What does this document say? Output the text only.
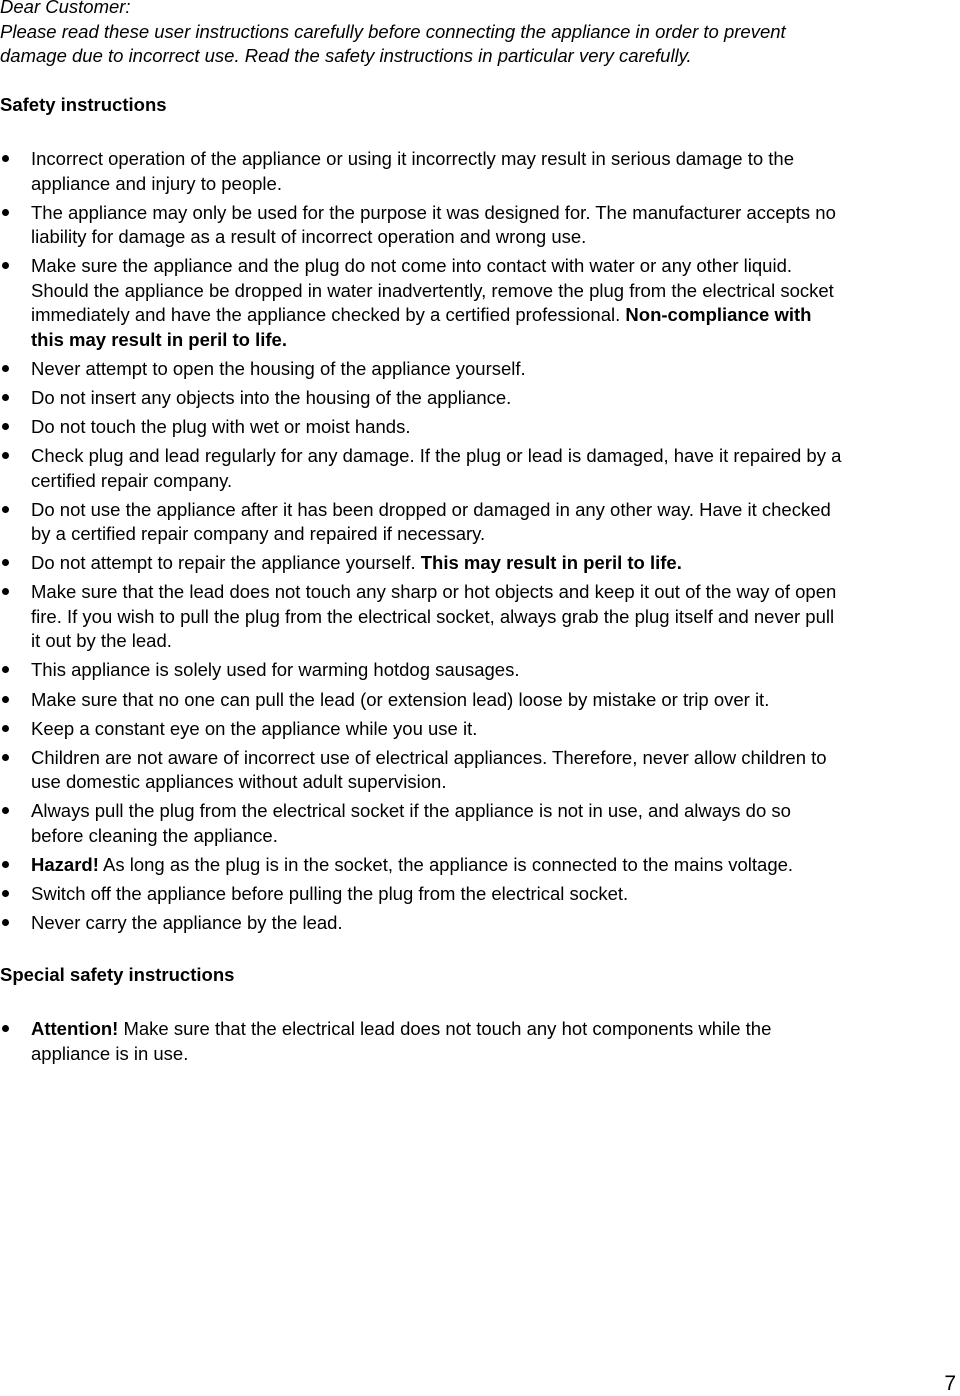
Dear Customer:
Please read these user instructions carefully before connecting the appliance in order to prevent
damage due to incorrect use. Read the safety instructions in particular very carefully.
Safety instructions
Incorrect operation of the appliance or using it incorrectly may result in serious damage to the
appliance and injury to people.
The appliance may only be used for the purpose it was designed for. The manufacturer accepts no
liability for damage as a result of incorrect operation and wrong use.
Make sure the appliance and the plug do not come into contact with water or any other liquid.
Should the appliance be dropped in water inadvertently, remove the plug from the electrical socket
immediately and have the appliance checked by a certified professional. Non-compliance with
this may result in peril to life.
Never attempt to open the housing of the appliance yourself.
Do not insert any objects into the housing of the appliance.
Do not touch the plug with wet or moist hands.
Check plug and lead regularly for any damage. If the plug or lead is damaged, have it repaired by a
certified repair company.
Do not use the appliance after it has been dropped or damaged in any other way. Have it checked
by a certified repair company and repaired if necessary.
Do not attempt to repair the appliance yourself. This may result in peril to life.
Make sure that the lead does not touch any sharp or hot objects and keep it out of the way of open
fire. If you wish to pull the plug from the electrical socket, always grab the plug itself and never pull
it out by the lead.
This appliance is solely used for warming hotdog sausages.
Make sure that no one can pull the lead (or extension lead) loose by mistake or trip over it.
Keep a constant eye on the appliance while you use it.
Children are not aware of incorrect use of electrical appliances. Therefore, never allow children to
use domestic appliances without adult supervision.
Always pull the plug from the electrical socket if the appliance is not in use, and always do so
before cleaning the appliance.
Hazard! As long as the plug is in the socket, the appliance is connected to the mains voltage.
Switch off the appliance before pulling the plug from the electrical socket.
Never carry the appliance by the lead.
Special safety instructions
Attention! Make sure that the electrical lead does not touch any hot components while the
appliance is in use.
7
